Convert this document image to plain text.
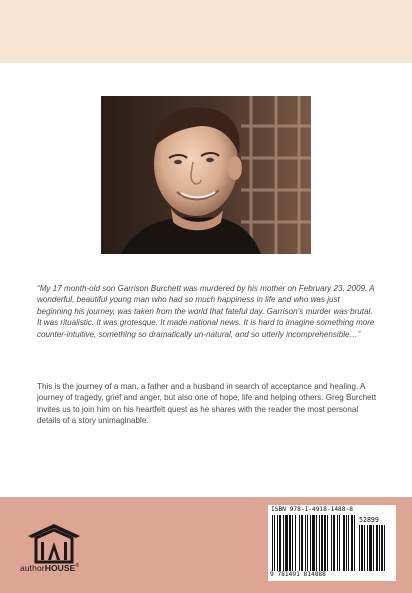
“My 17 month-old son Garrison Burchett was murdered by his mother on February 23, 2009. A wonderful, beautiful young man who had so much happiness in life and who was just beginning his journey, was taken from the world that fateful day. Garrison’s murder was brutal. It was ritualistic. It was grotesque. It made national news. It is hard to imagine something more counter-intuitive, something so dramatically un-natural, and so utterly incomprehensible…”

This is the journey of a man, a father and a husband in search of acceptance and healing. A journey of tragedy, grief and anger, but also one of hope, life and helping others. Greg Burchett invites us to join him on his heartfelt quest as he shares with the reader the most personal details of a story unimaginable.

authorHOUSE®
ISBN 978-1-4918-1488-8
52899
9 781491 814888
